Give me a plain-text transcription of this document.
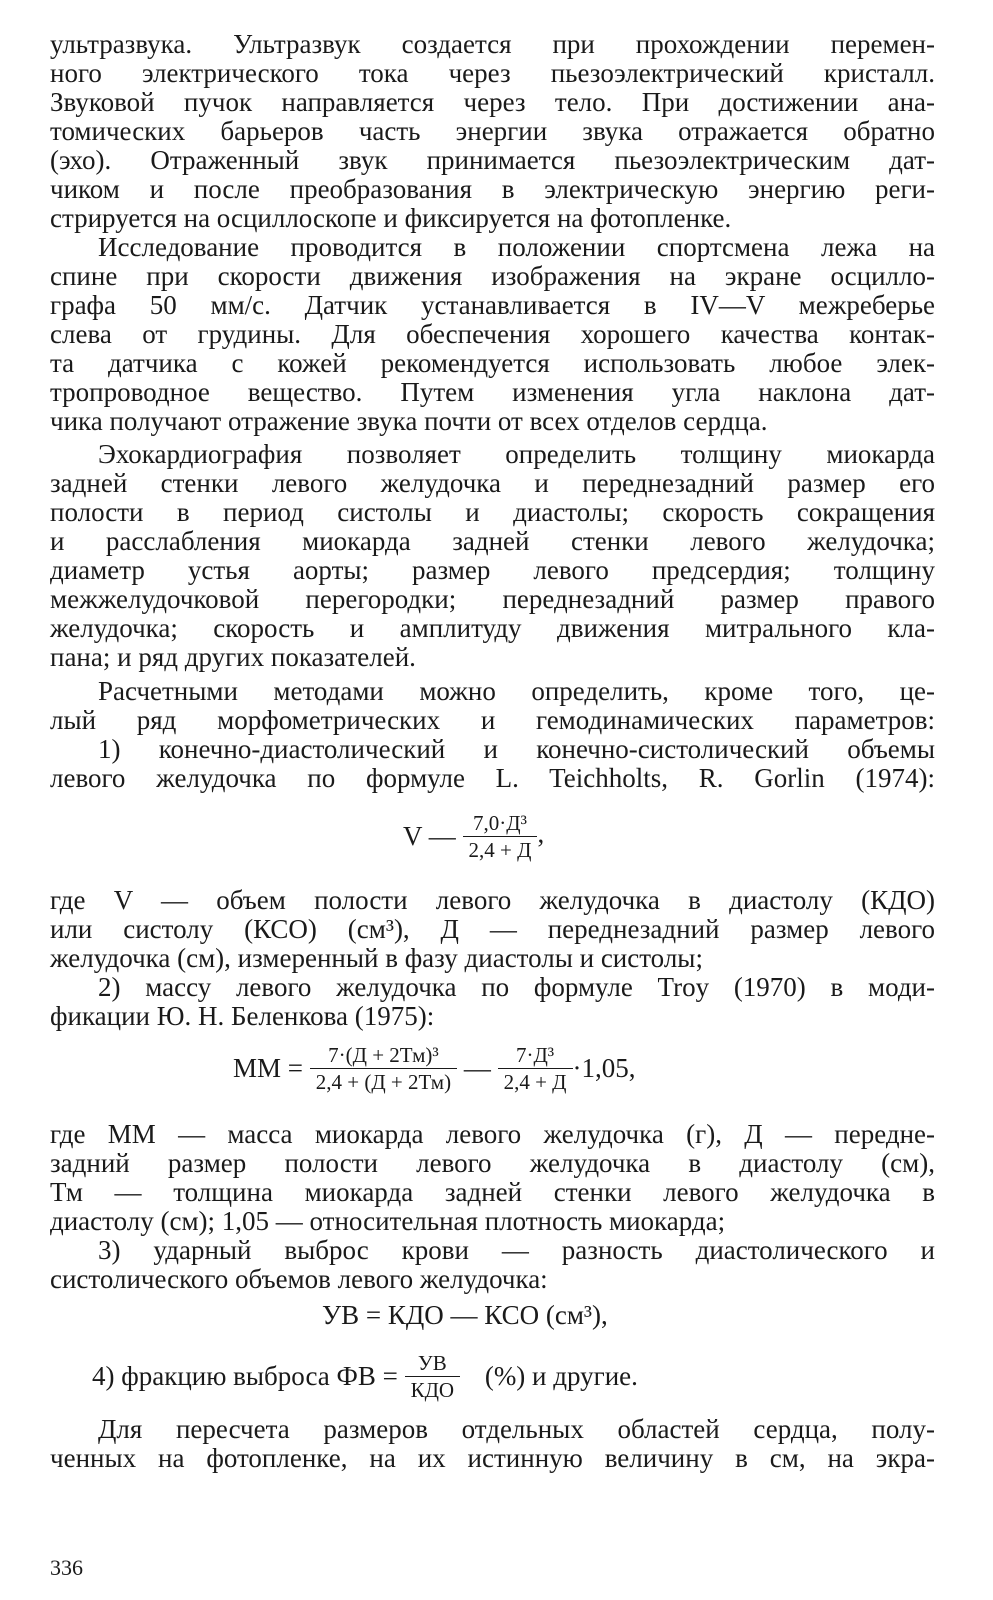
ультразвука. Ультразвук создается при прохождении перемен-
ного электрического тока через пьезоэлектрический кристалл.
Звуковой пучок направляется через тело. При достижении ана-
томических барьеров часть энергии звука отражается обратно
(эхо). Отраженный звук принимается пьезоэлектрическим дат-
чиком и после преобразования в электрическую энергию реги-
стрируется на осциллоскопе и фиксируется на фотопленке.
Исследование проводится в положении спортсмена лежа на
спине при скорости движения изображения на экране осцилло-
графа 50 мм/с. Датчик устанавливается в IV—V межреберье
слева от грудины. Для обеспечения хорошего качества контак-
та датчика с кожей рекомендуется использовать любое элек-
тропроводное вещество. Путем изменения угла наклона дат-
чика получают отражение звука почти от всех отделов сердца.
Эхокардиография позволяет определить толщину миокарда
задней стенки левого желудочка и переднезадний размер его
полости в период систолы и диастолы; скорость сокращения
и расслабления миокарда задней стенки левого желудочка;
диаметр устья аорты; размер левого предсердия; толщину
межжелудочковой перегородки; переднезадний размер правого
желудочка; скорость и амплитуду движения митрального кла-
пана; и ряд других показателей.
Расчетными методами можно определить, кроме того, це-
лый ряд морфометрических и гемодинамических параметров:
1) конечно-диастолический и конечно-систолический объемы
левого желудочка по формуле L. Teichholts, R. Gorlin (1974):
V — $\frac{\text{7,0·Д³}}{2,4 + Д}$ ,
где V — объем полости левого желудочка в диастолу (КДО)
или систолу (КСО) (см³), Д — переднезадний размер левого
желудочка (см), измеренный в фазу диастолы и систолы;
2) массу левого желудочка по формуле Troy (1970) в моди-
фикации Ю. Н. Беленкова (1975):
ММ = $\frac{\text{7·(Д + 2Тм)³}}{2,4 + (Д + 2Тм)}$ — $\frac{\text{7·Д³}}{2,4 + Д} \cdot 1,05$,
где ММ — масса миокарда левого желудочка (г), Д — передне-
задний размер полости левого желудочка в диастолу (см),
Тм — толщина миокарда задней стенки левого желудочка в
диастолу (см); 1,05 — относительная плотность миокарда;
3) ударный выброс крови — разность диастолического и
систолического объемов левого желудочка:
УВ = КДО — КСО (см³),
4) фракцию выброса ФВ = $\frac{УВ}{\text{КДО}}$ (%) и другие.
Для пересчета размеров отдельных областей сердца, полу-
ченных на фотопленке, на их истинную величину в см, на экра-
336
